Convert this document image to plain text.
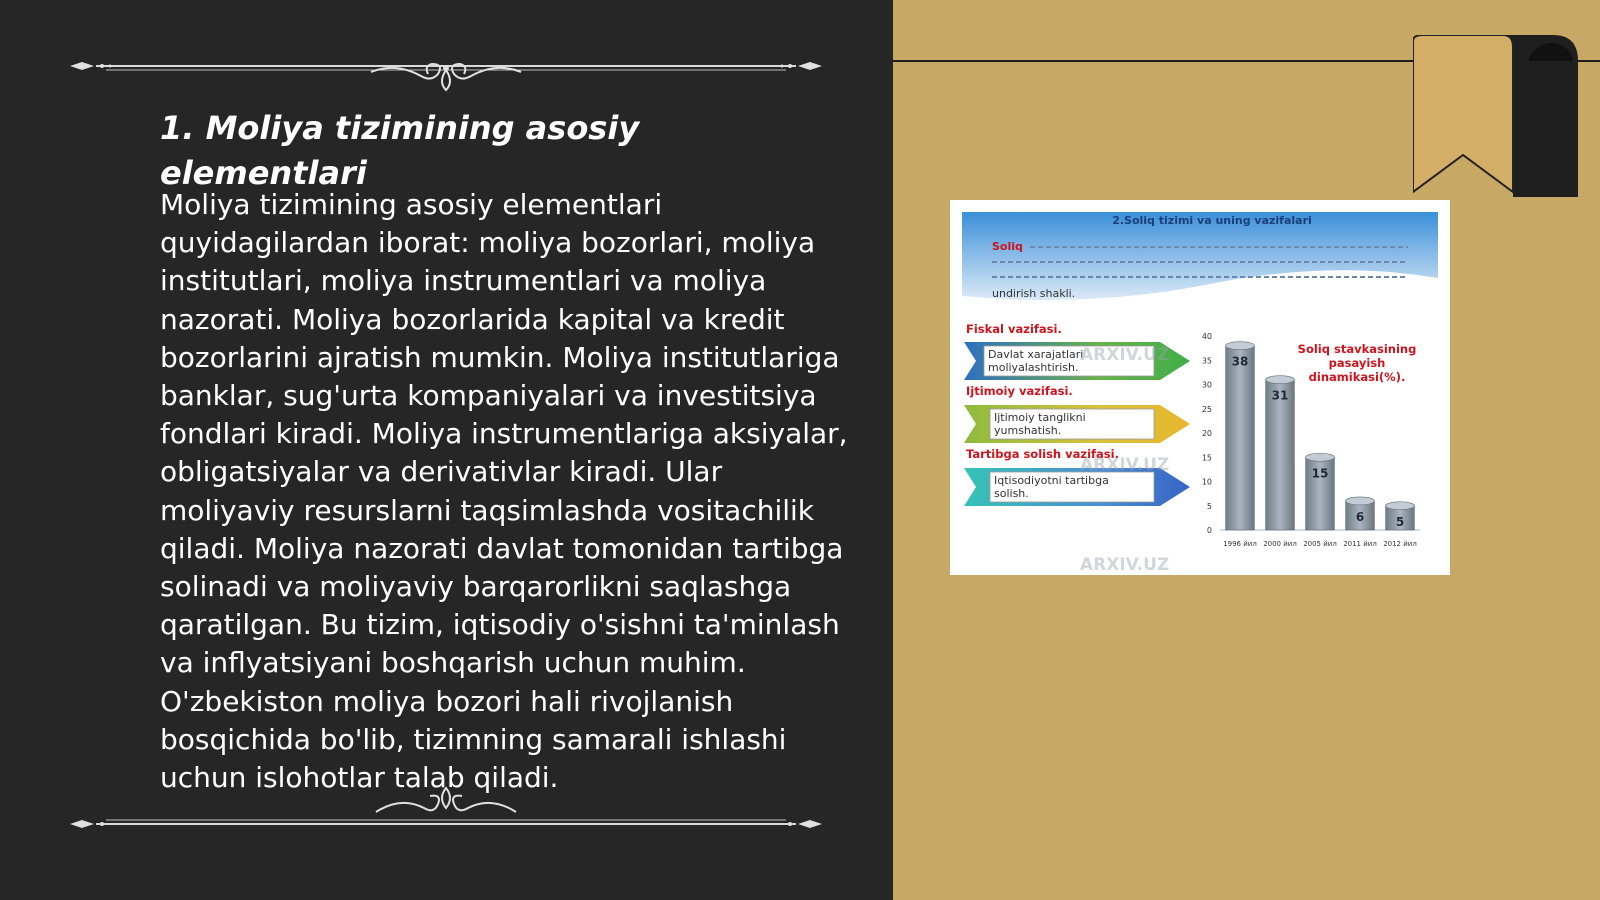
1. Moliya tizimining asosiy elementlari

Moliya tizimining asosiy elementlari quyidagilardan iborat: moliya bozorlari, moliya institutlari, moliya instrumentlari va moliya nazorati. Moliya bozorlarida kapital va kredit bozorlarini ajratish mumkin. Moliya institutlariga banklar, sug'urta kompaniyalari va investitsiya fondlari kiradi. Moliya instrumentlariga aksiyalar, obligatsiyalar va derivativlar kiradi. Ular moliyaviy resurslarni taqsimlashda vositachilik qiladi. Moliya nazorati davlat tomonidan tartibga solinadi va moliyaviy barqarorlikni saqlashga qaratilgan. Bu tizim, iqtisodiy o'sishni ta'minlash va inflyatsiyani boshqarish uchun muhim. O'zbekiston moliya bozori hali rivojlanish bosqichida bo'lib, tizimning samarali ishlashi uchun islohotlar talab qiladi.

2.Soliq tizimi va uning vazifalari
Soliq
undirish shakli.
Fiskal vazifasi.
Davlat xarajatlari
moliyalashtirish.
Ijtimoiy vazifasi.
Ijtimoiy tanglikni
yumshatish.
Tartibga solish vazifasi.
Iqtisodiyotni tartibga
solish.
ARXIV.UZ
ARXIV.UZ
ARXIV.UZ
0
5
10
15
20
25
30
35
40
38
1996 йил
31
2000 йил
15
2005 йил
6
2011 йил
5
2012 йил
Soliq stavkasining
pasayish
dinamikasi(%).
